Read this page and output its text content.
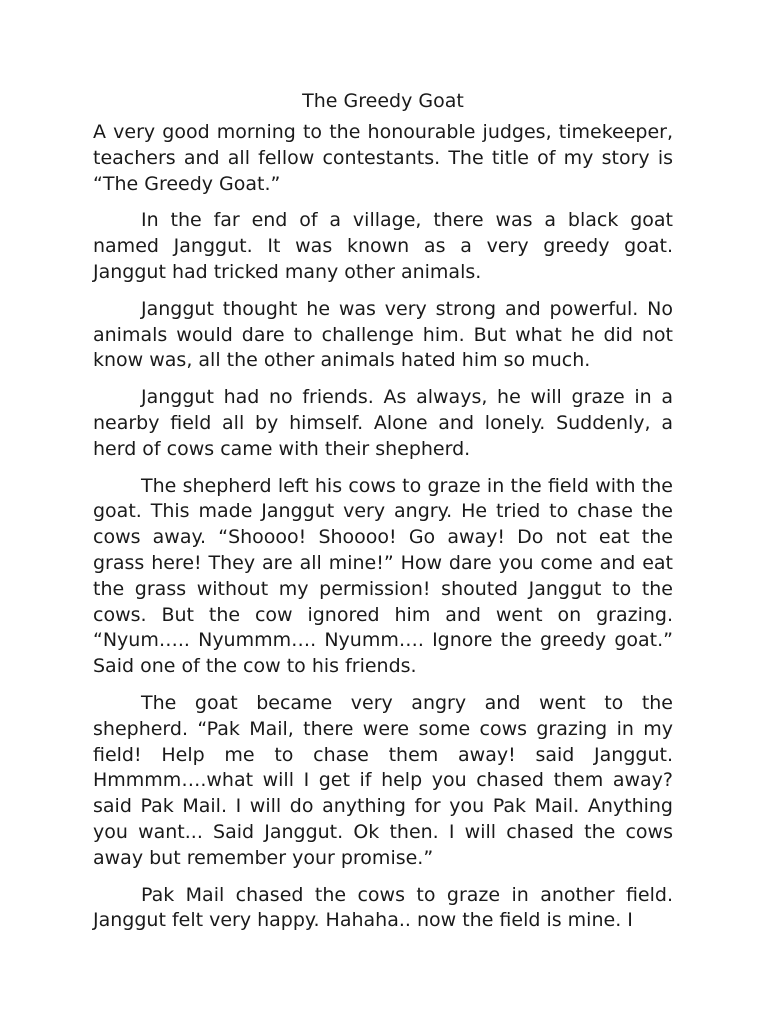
The Greedy Goat

A very good morning to the honourable judges, timekeeper, teachers and all fellow contestants. The title of my story is “The Greedy Goat.”

In the far end of a village, there was a black goat named Janggut. It was known as a very greedy goat. Janggut had tricked many other animals.

Janggut thought he was very strong and powerful. No animals would dare to challenge him. But what he did not know was, all the other animals hated him so much.

Janggut had no friends. As always, he will graze in a nearby field all by himself. Alone and lonely. Suddenly, a herd of cows came with their shepherd.

The shepherd left his cows to graze in the field with the goat. This made Janggut very angry. He tried to chase the cows away. “Shoooo! Shoooo! Go away! Do not eat the grass here! They are all mine!” How dare you come and eat the grass without my permission! shouted Janggut to the cows. But the cow ignored him and went on grazing. “Nyum….. Nyummm…. Nyumm…. Ignore the greedy goat.” Said one of the cow to his friends.

The goat became very angry and went to the shepherd. “Pak Mail, there were some cows grazing in my field! Help me to chase them away! said Janggut. Hmmmm….what will I get if help you chased them away? said Pak Mail. I will do anything for you Pak Mail. Anything you want... Said Janggut. Ok then. I will chased the cows away but remember your promise.”

Pak Mail chased the cows to graze in another field. Janggut felt very happy. Hahaha.. now the field is mine. I
